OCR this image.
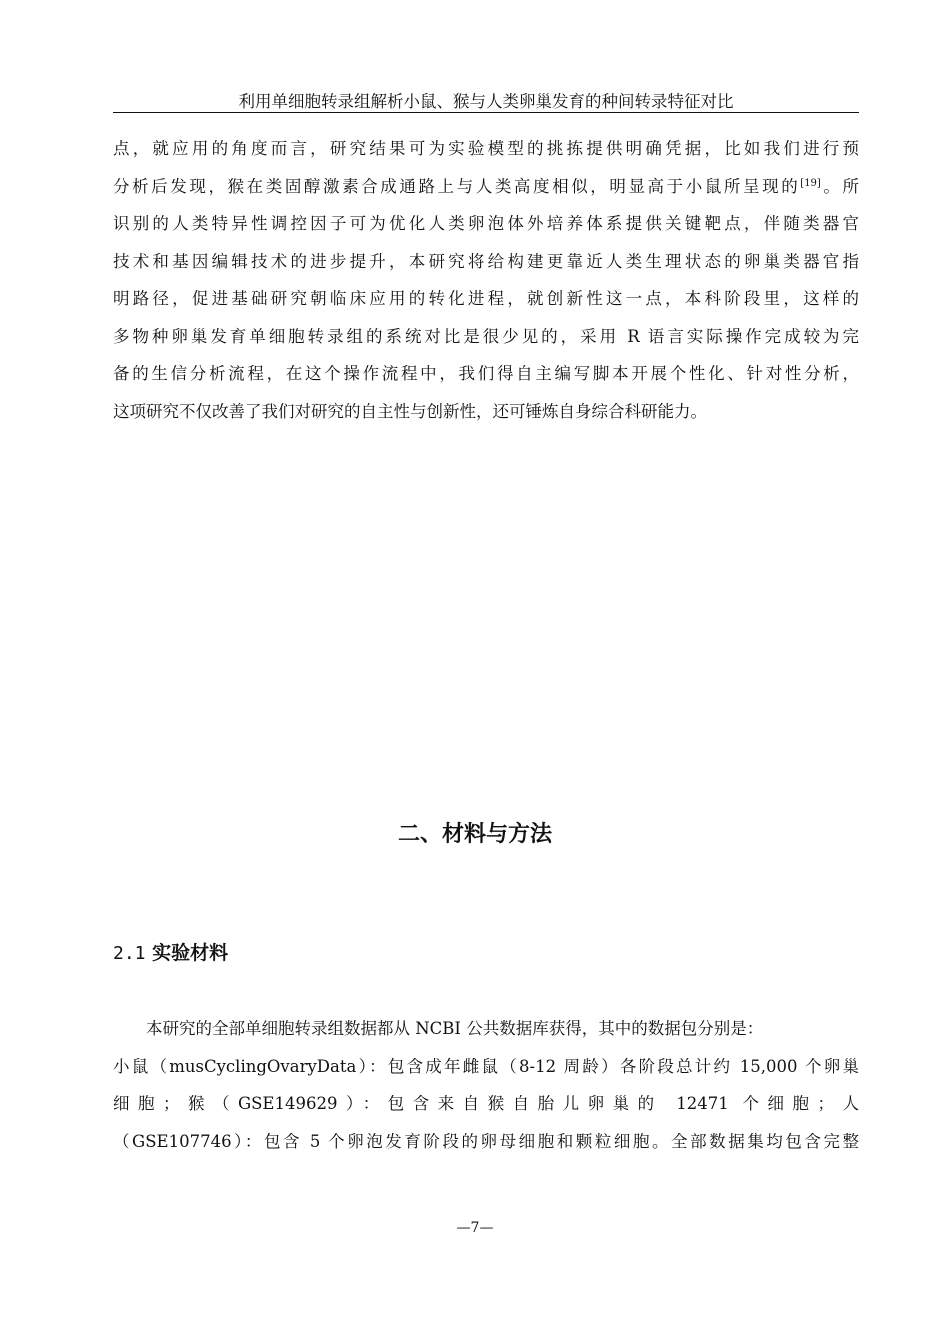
利用单细胞转录组解析小鼠、猴与人类卵巢发育的种间转录特征对比
点，就应用的角度而言，研究结果可为实验模型的挑拣提供明确凭据，比如我们进行预
分析后发现，猴在类固醇激素合成通路上与人类高度相似，明显高于小鼠所呈现的[19]。所
识别的人类特异性调控因子可为优化人类卵泡体外培养体系提供关键靶点，伴随类器官
技术和基因编辑技术的进步提升，本研究将给构建更靠近人类生理状态的卵巢类器官指
明路径，促进基础研究朝临床应用的转化进程，就创新性这一点，本科阶段里，这样的
多物种卵巢发育单细胞转录组的系统对比是很少见的，采用 R 语言实际操作完成较为完
备的生信分析流程，在这个操作流程中，我们得自主编写脚本开展个性化、针对性分析，
这项研究不仅改善了我们对研究的自主性与创新性，还可锤炼自身综合科研能力。
二、材料与方法
2.1 实验材料
　　本研究的全部单细胞转录组数据都从 NCBI 公共数据库获得，其中的数据包分别是：
小鼠（musCyclingOvaryData）：包含成年雌鼠（8-12 周龄）各阶段总计约 15,000 个卵巢
细胞；猴（GSE149629）：包含来自猴自胎儿卵巢的 12471 个细胞；人
（GSE107746）：包含 5 个卵泡发育阶段的卵母细胞和颗粒细胞。全部数据集均包含完整
—7—
